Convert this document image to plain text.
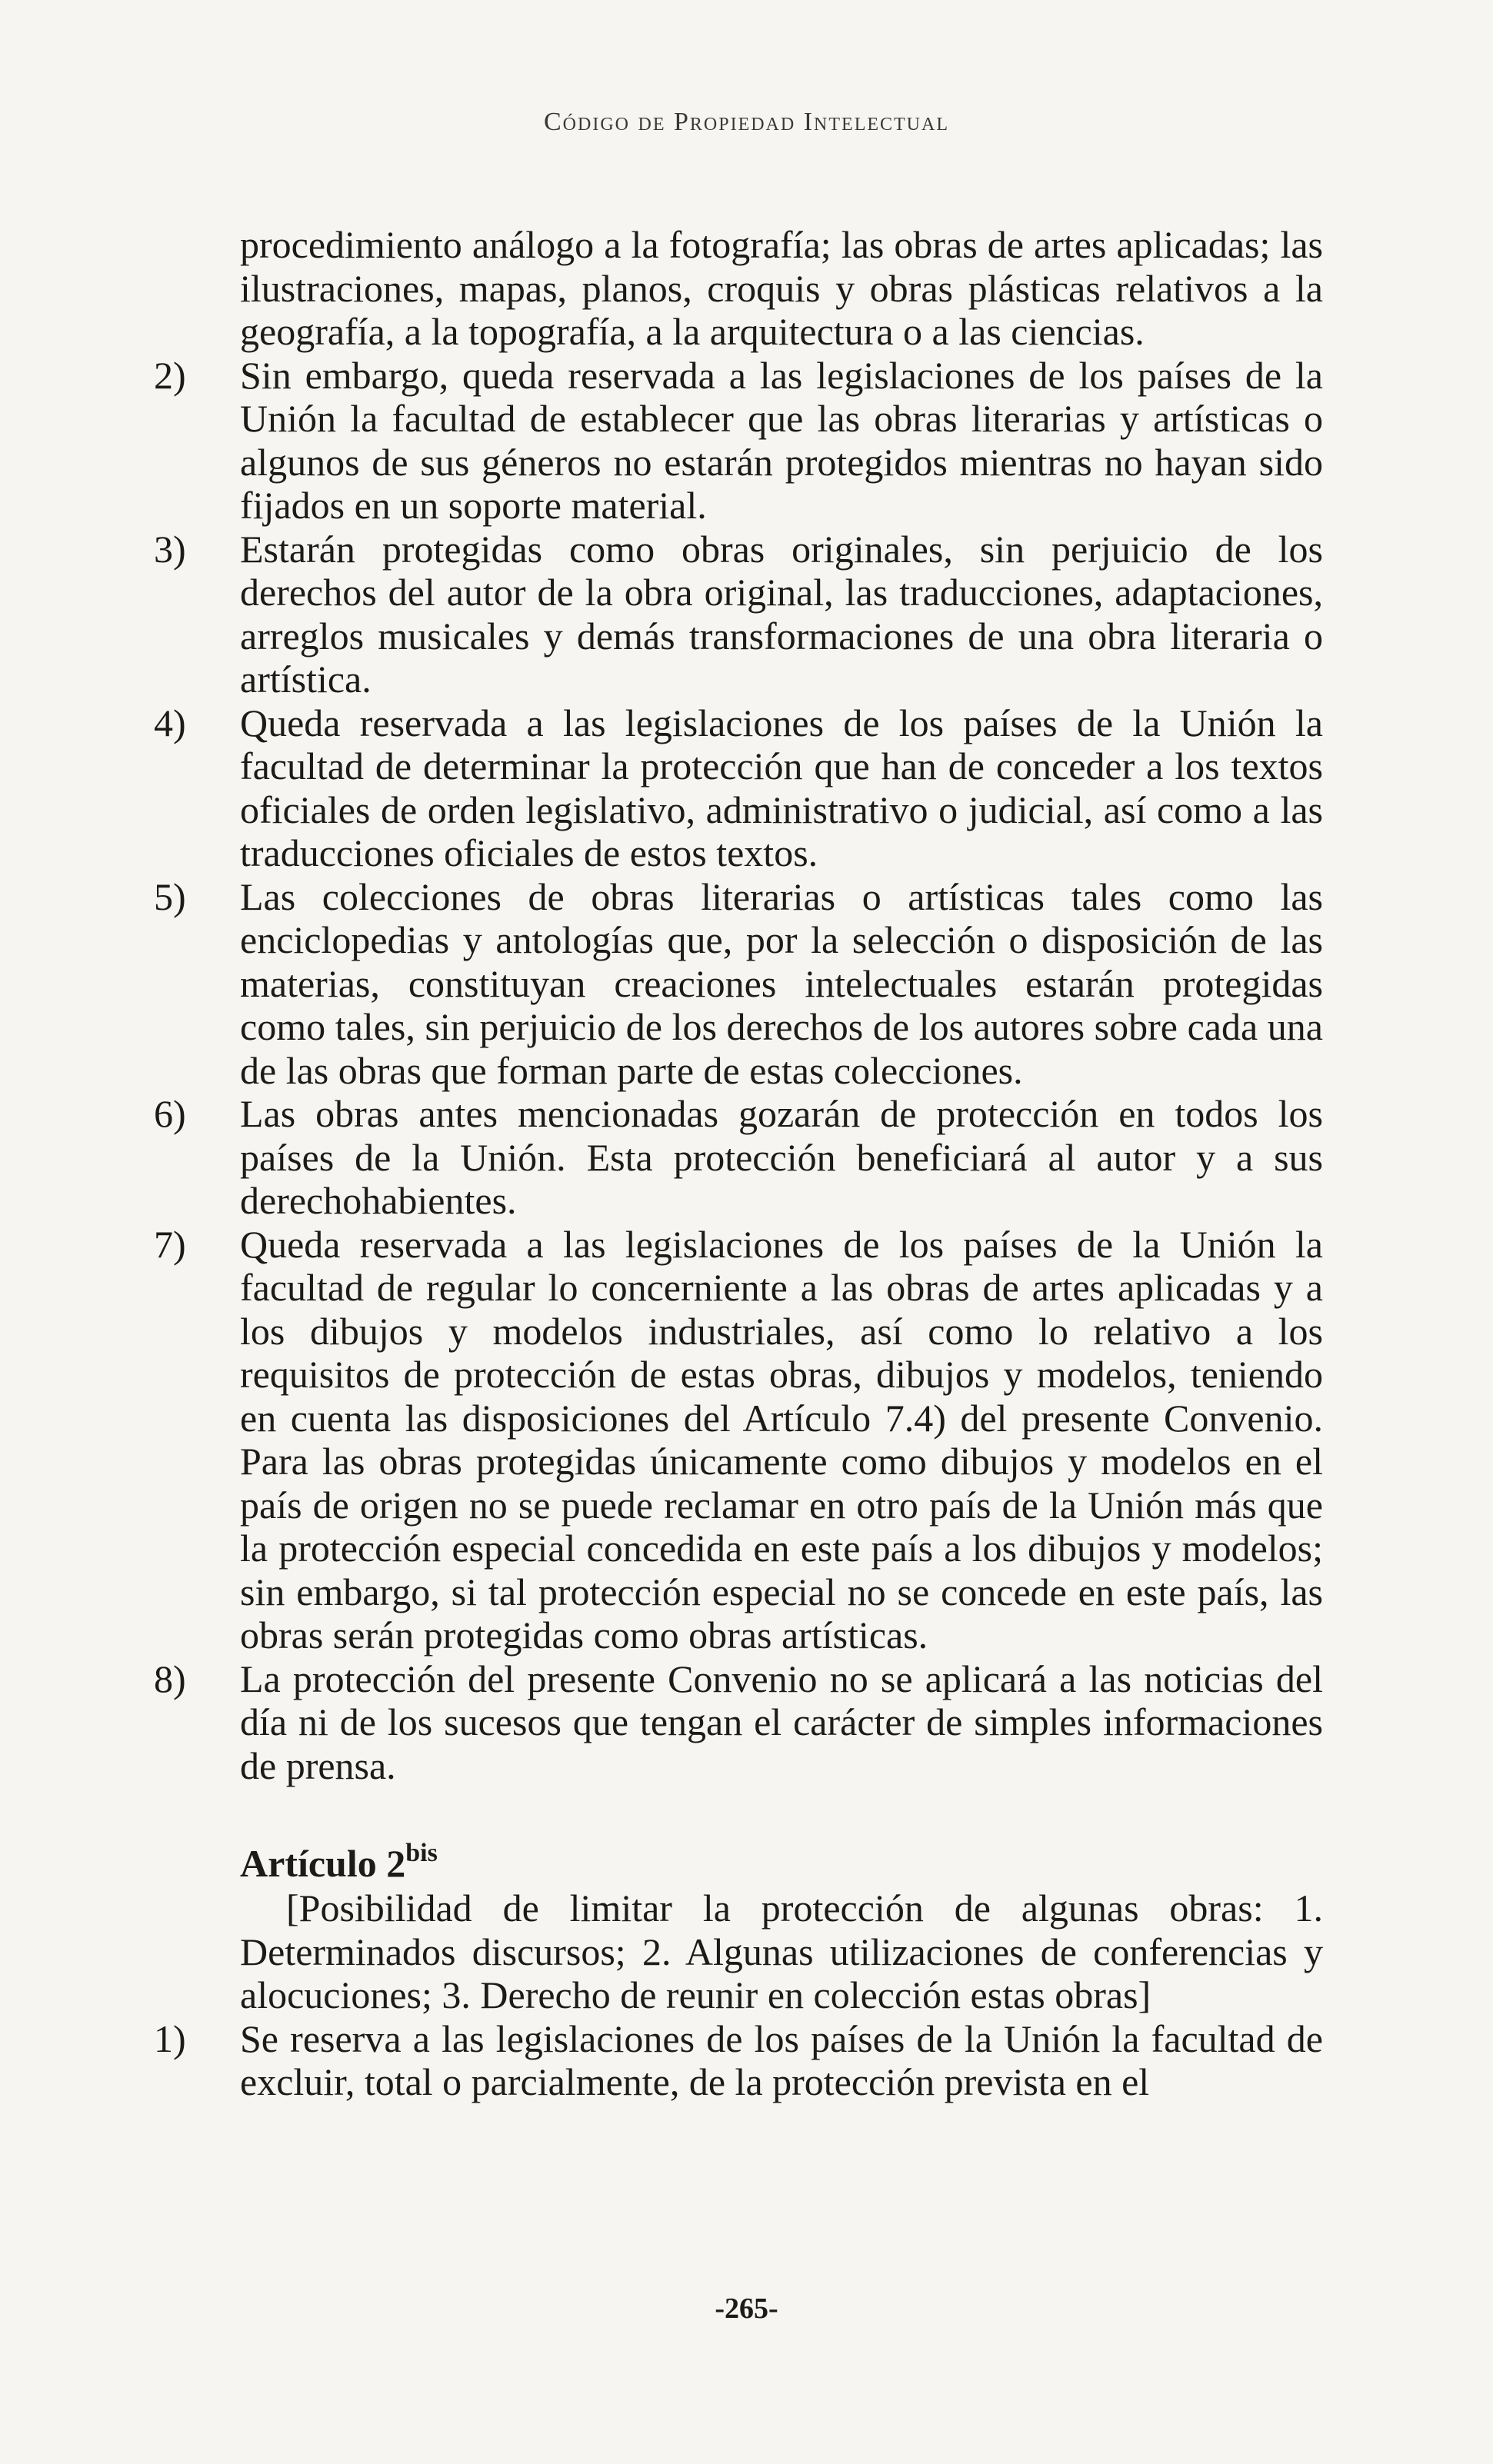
Código de Propiedad Intelectual

procedimiento análogo a la fotografía; las obras de artes aplicadas; las ilustraciones, mapas, planos, croquis y obras plásticas relativos a la geografía, a la topografía, a la arquitectura o a las ciencias.

2)	Sin embargo, queda reservada a las legislaciones de los países de la Unión la facultad de establecer que las obras literarias y artísticas o algunos de sus géneros no estarán protegidos mientras no hayan sido fijados en un soporte material.
3)	Estarán protegidas como obras originales, sin perjuicio de los derechos del autor de la obra original, las traducciones, adaptaciones, arreglos musicales y demás transformaciones de una obra literaria o artística.
4)	Queda reservada a las legislaciones de los países de la Unión la facultad de determinar la protección que han de conceder a los textos oficiales de orden legislativo, administrativo o judicial, así como a las traducciones oficiales de estos textos.
5)	Las colecciones de obras literarias o artísticas tales como las enciclopedias y antologías que, por la selección o disposición de las materias, constituyan creaciones intelectuales estarán protegidas como tales, sin perjuicio de los derechos de los autores sobre cada una de las obras que forman parte de estas colecciones.
6)	Las obras antes mencionadas gozarán de protección en todos los países de la Unión. Esta protección beneficiará al autor y a sus derechohabientes.
7)	Queda reservada a las legislaciones de los países de la Unión la facultad de regular lo concerniente a las obras de artes aplicadas y a los dibujos y modelos industriales, así como lo relativo a los requisitos de protección de estas obras, dibujos y modelos, teniendo en cuenta las disposiciones del Artículo 7.4) del presente Convenio. Para las obras protegidas únicamente como dibujos y modelos en el país de origen no se puede reclamar en otro país de la Unión más que la protección especial concedida en este país a los dibujos y modelos; sin embargo, si tal protección especial no se concede en este país, las obras serán protegidas como obras artísticas.
8)	La protección del presente Convenio no se aplicará a las noticias del día ni de los sucesos que tengan el carácter de simples informaciones de prensa.
Artículo $2^{bis}$

[Posibilidad de limitar la protección de algunas obras: 1. Determinados discursos; 2. Algunas utilizaciones de conferencias y alocuciones; 3. Derecho de reunir en colección estas obras]

1)	Se reserva a las legislaciones de los países de la Unión la facultad de excluir, total o parcialmente, de la protección prevista en el
-265-
